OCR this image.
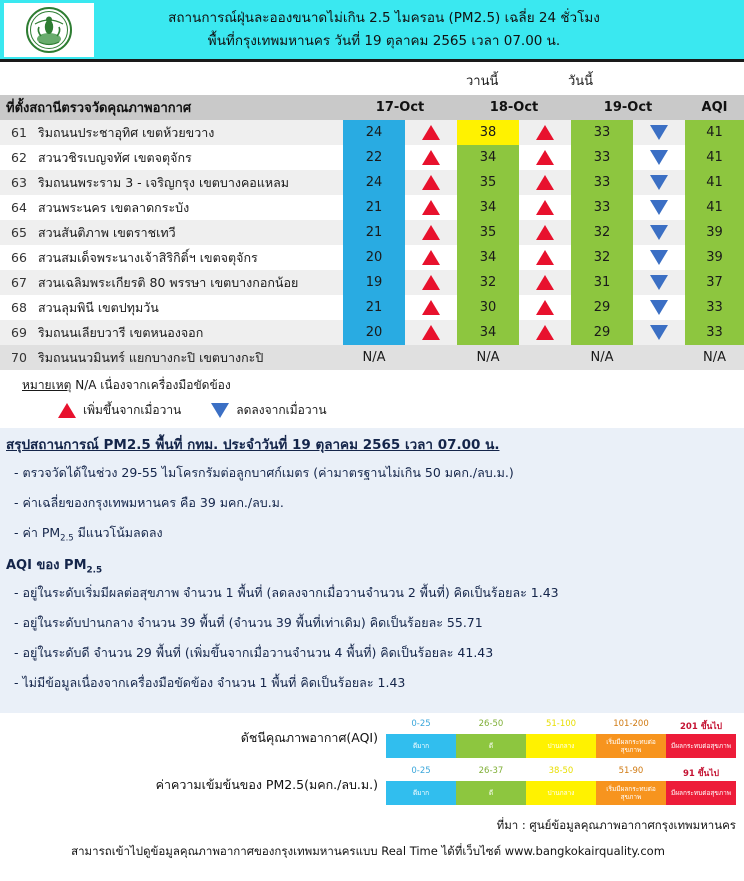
สถานการณ์ฝุ่นละอองขนาดไม่เกิน 2.5 ไมครอน (PM2.5) เฉลี่ย 24 ชั่วโมง
พื้นที่กรุงเทพมหานคร วันที่ 19 ตุลาคม 2565 เวลา 07.00 น.
วานนี้	วันนี้
ที่ตั้งสถานีตรวจวัดคุณภาพอากาศ		17-Oct		18-Oct		19-Oct		AQI
61	ริมถนนประชาอุทิศ เขตห้วยขวาง	24		38		33		41
62	สวนวชิรเบญจทัศ เขตจตุจักร	22		34		33		41
63	ริมถนนพระราม 3 - เจริญกรุง เขตบางคอแหลม	24		35		33		41
64	สวนพระนคร เขตลาดกระบัง	21		34		33		41
65	สวนสันติภาพ เขตราชเทวี	21		35		32		39
66	สวนสมเด็จพระนางเจ้าสิริกิติ์ฯ เขตจตุจักร	20		34		32		39
67	สวนเฉลิมพระเกียรติ 80 พรรษา เขตบางกอกน้อย	19		32		31		37
68	สวนลุมพินี เขตปทุมวัน	21		30		29		33
69	ริมถนนเลียบวารี เขตหนองจอก	20		34		29		33
70	ริมถนนนวมินทร์ แยกบางกะปิ เขตบางกะปิ	N/A		N/A		N/A		N/A
หมายเหตุ N/A เนื่องจากเครื่องมือขัดข้อง
เพิ่มขึ้นจากเมื่อวาน	ลดลงจากเมื่อวาน
สรุปสถานการณ์ PM2.5 พื้นที่ กทม. ประจำวันที่ 19 ตุลาคม 2565 เวลา 07.00 น.
- ตรวจวัดได้ในช่วง 29-55 ไมโครกรัมต่อลูกบาศก์เมตร (ค่ามาตรฐานไม่เกิน 50 มคก./ลบ.ม.)
- ค่าเฉลี่ยของกรุงเทพมหานคร คือ 39 มคก./ลบ.ม.
- ค่า $PM_{2.5}$ มีแนวโน้มลดลง
AQI ของ $PM_{2.5}$
- อยู่ในระดับเริ่มมีผลต่อสุขภาพ จำนวน 1 พื้นที่ (ลดลงจากเมื่อวานจำนวน 2 พื้นที่) คิดเป็นร้อยละ 1.43
- อยู่ในระดับปานกลาง จำนวน 39 พื้นที่ (จำนวน 39 พื้นที่เท่าเดิม) คิดเป็นร้อยละ 55.71
- อยู่ในระดับดี จำนวน 29 พื้นที่ (เพิ่มขึ้นจากเมื่อวานจำนวน 4 พื้นที่) คิดเป็นร้อยละ 41.43
- ไม่มีข้อมูลเนื่องจากเครื่องมือขัดข้อง จำนวน 1 พื้นที่ คิดเป็นร้อยละ 1.43
ดัชนีคุณภาพอากาศ(AQI)
0-25	26-50	51-100	101-200	201 ขึ้นไป
ดีมาก	ดี	ปานกลาง
เริ่มมีผลกระทบต่อสุขภาพ
มีผลกระทบต่อสุขภาพ
ค่าความเข้มข้นของ PM2.5(มคก./ลบ.ม.)
0-25	26-37	38-50	51-90	91 ขึ้นไป
ดีมาก	ดี	ปานกลาง
เริ่มมีผลกระทบต่อสุขภาพ
มีผลกระทบต่อสุขภาพ
ที่มา : ศูนย์ข้อมูลคุณภาพอากาศกรุงเทพมหานคร
สามารถเข้าไปดูข้อมูลคุณภาพอากาศของกรุงเทพมหานครแบบ Real Time ได้ที่เว็บไซต์ www.bangkokairquality.com
